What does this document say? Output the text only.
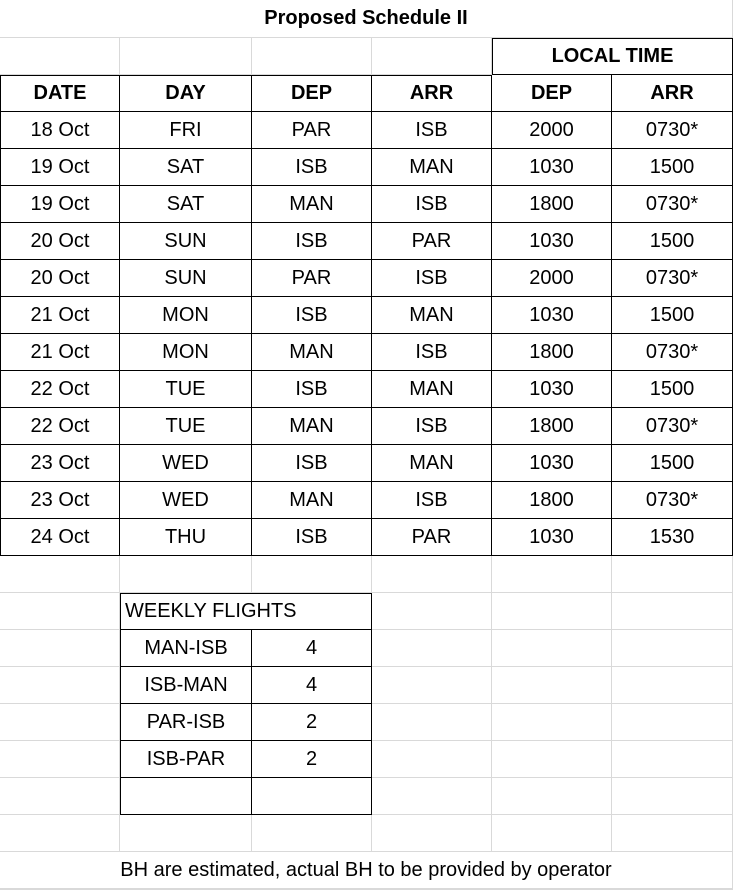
Proposed Schedule II
LOCAL TIME
DATE	DAY	DEP	ARR	DEP	ARR
18 Oct	FRI	PAR	ISB	2000	0730*
19 Oct	SAT	ISB	MAN	1030	1500
19 Oct	SAT	MAN	ISB	1800	0730*
20 Oct	SUN	ISB	PAR	1030	1500
20 Oct	SUN	PAR	ISB	2000	0730*
21 Oct	MON	ISB	MAN	1030	1500
21 Oct	MON	MAN	ISB	1800	0730*
22 Oct	TUE	ISB	MAN	1030	1500
22 Oct	TUE	MAN	ISB	1800	0730*
23 Oct	WED	ISB	MAN	1030	1500
23 Oct	WED	MAN	ISB	1800	0730*
24 Oct	THU	ISB	PAR	1030	1530
WEEKLY FLIGHTS
MAN-ISB	4
ISB-MAN	4
PAR-ISB	2
ISB-PAR	2
BH are estimated, actual BH to be provided by operator
